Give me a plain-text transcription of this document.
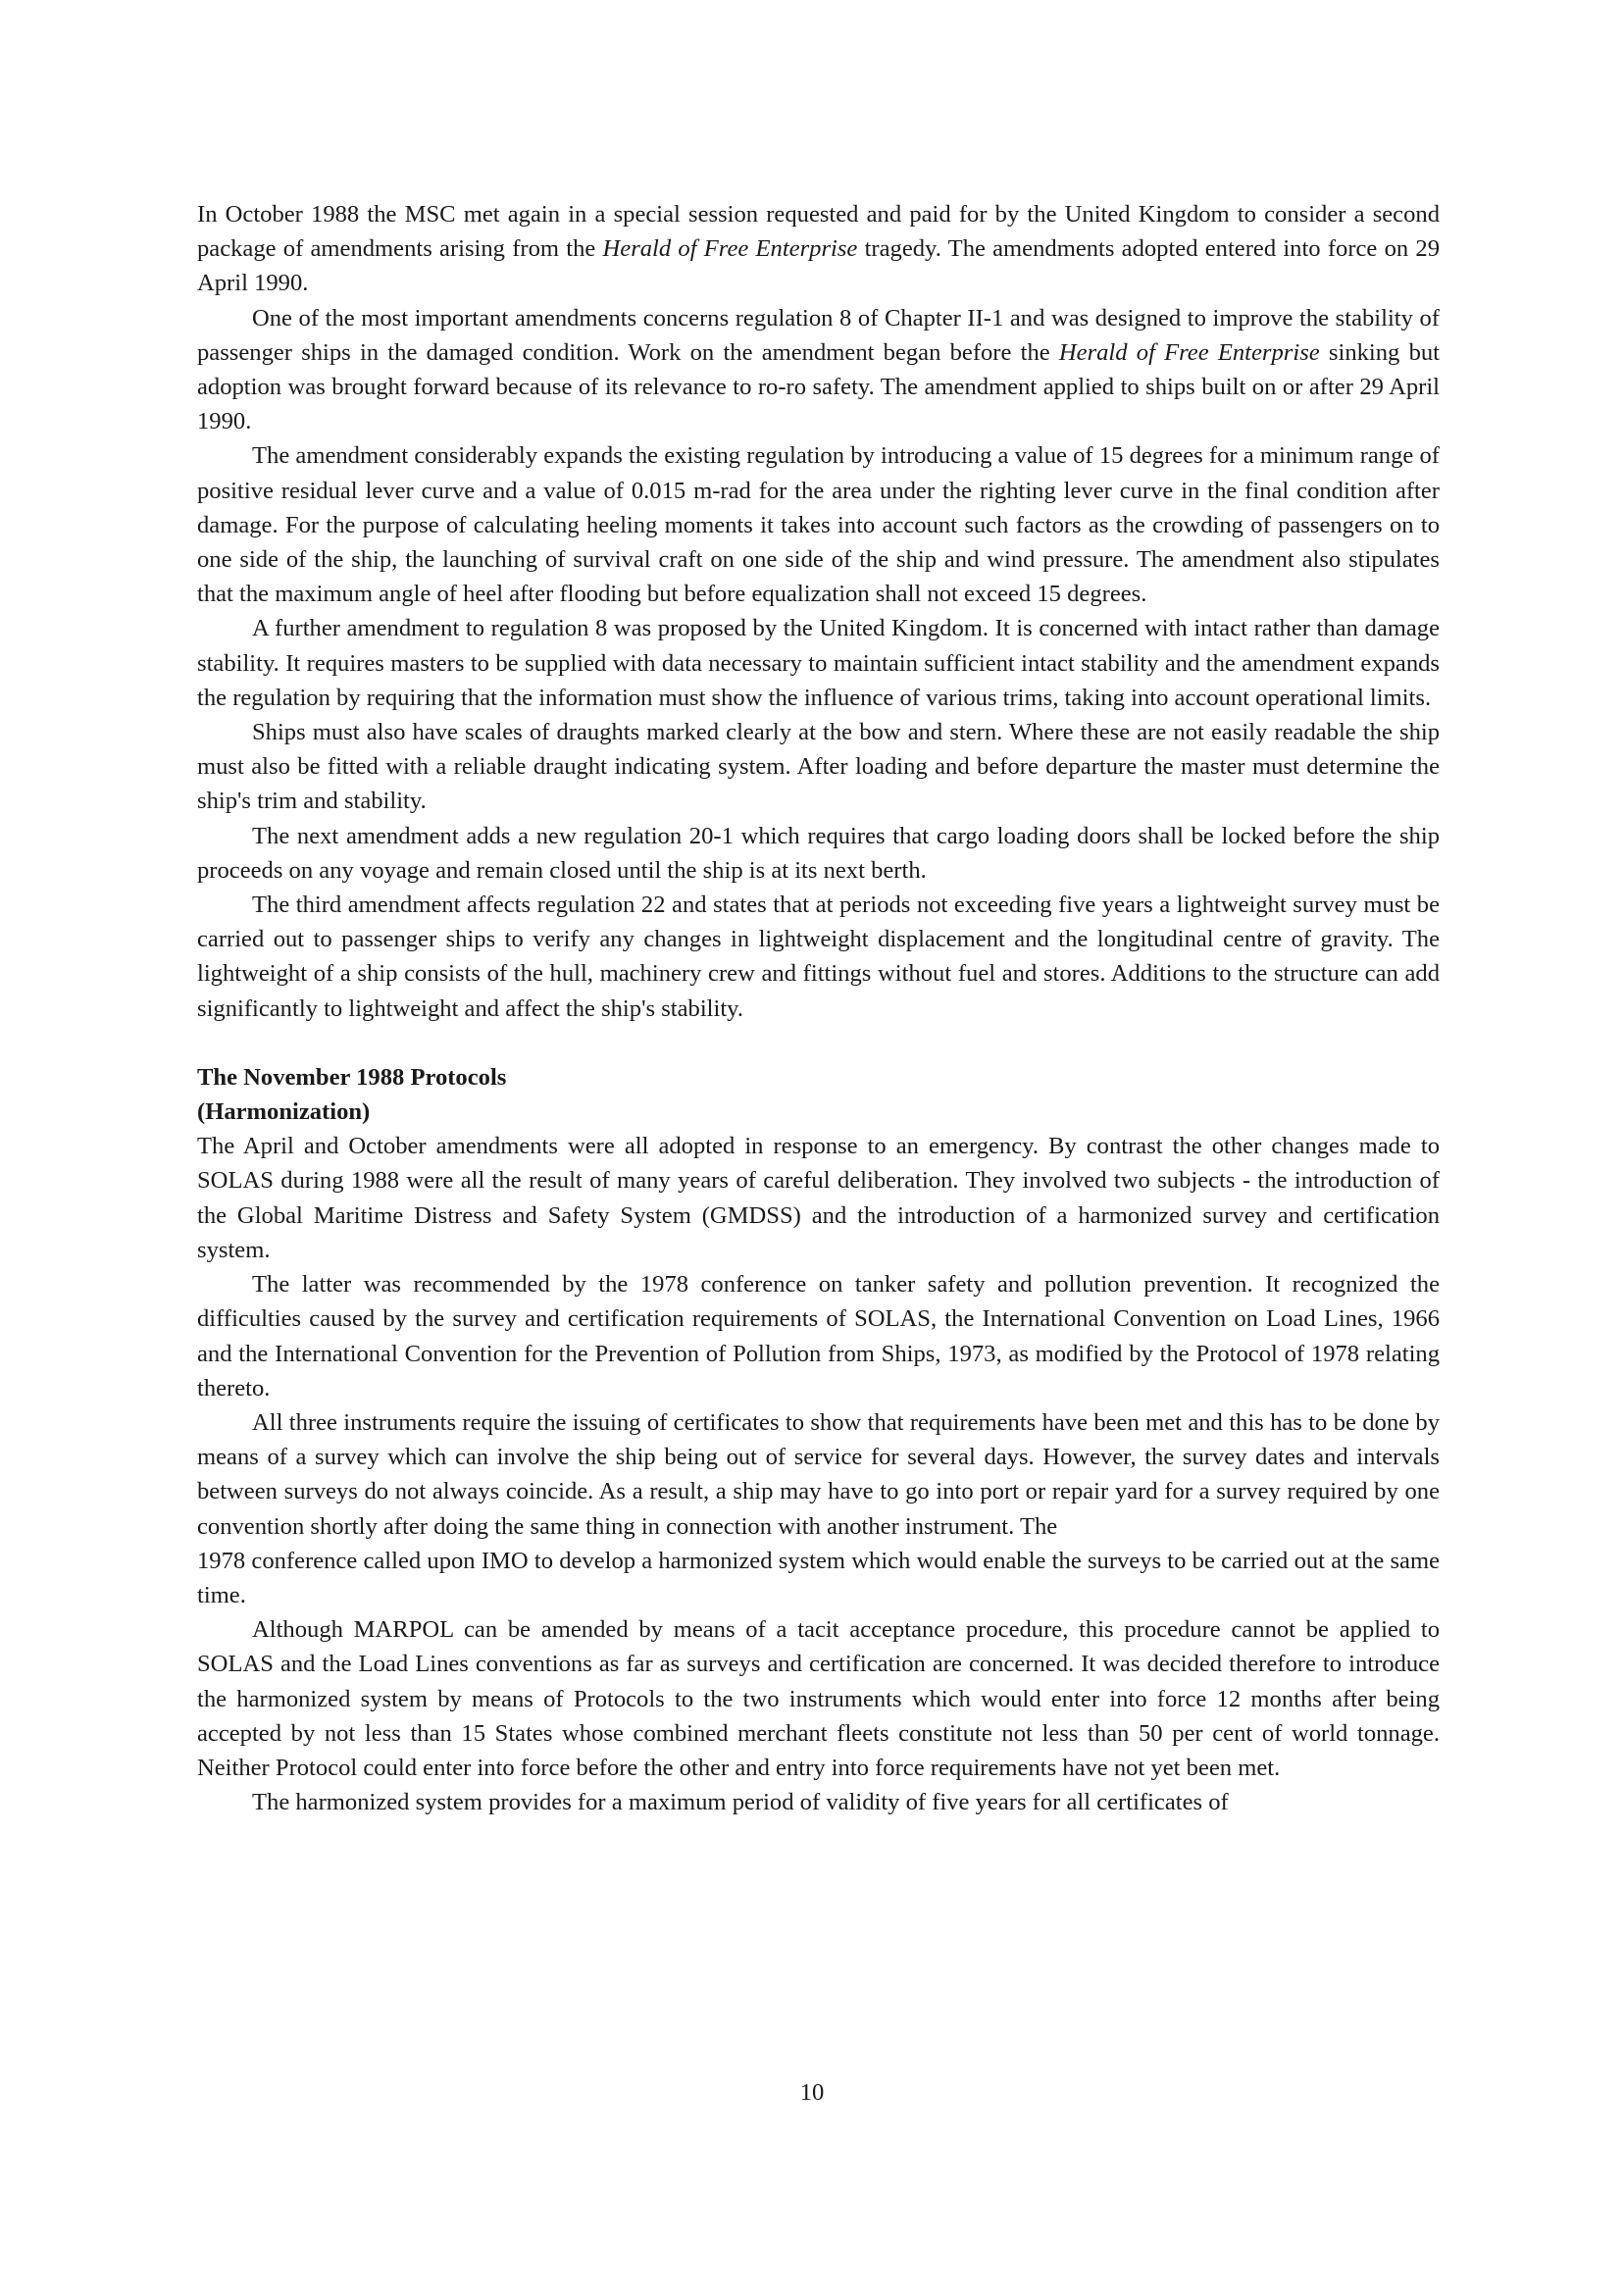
In October 1988 the MSC met again in a special session requested and paid for by the United Kingdom to consider a second package of amendments arising from the Herald of Free Enterprise tragedy. The amendments adopted entered into force on 29 April 1990.

One of the most important amendments concerns regulation 8 of Chapter II-1 and was designed to improve the stability of passenger ships in the damaged condition. Work on the amendment began before the Herald of Free Enterprise sinking but adoption was brought forward because of its relevance to ro-ro safety. The amendment applied to ships built on or after 29 April 1990.

The amendment considerably expands the existing regulation by introducing a value of 15 degrees for a minimum range of positive residual lever curve and a value of 0.015 m-rad for the area under the righting lever curve in the final condition after damage. For the purpose of calculating heeling moments it takes into account such factors as the crowding of passengers on to one side of the ship, the launching of survival craft on one side of the ship and wind pressure. The amendment also stipulates that the maximum angle of heel after flooding but before equalization shall not exceed 15 degrees.

A further amendment to regulation 8 was proposed by the United Kingdom. It is concerned with intact rather than damage stability. It requires masters to be supplied with data necessary to maintain sufficient intact stability and the amendment expands the regulation by requiring that the information must show the influence of various trims, taking into account operational limits.

Ships must also have scales of draughts marked clearly at the bow and stern. Where these are not easily readable the ship must also be fitted with a reliable draught indicating system. After loading and before departure the master must determine the ship's trim and stability.

The next amendment adds a new regulation 20-1 which requires that cargo loading doors shall be locked before the ship proceeds on any voyage and remain closed until the ship is at its next berth.

The third amendment affects regulation 22 and states that at periods not exceeding five years a lightweight survey must be carried out to passenger ships to verify any changes in lightweight displacement and the longitudinal centre of gravity. The lightweight of a ship consists of the hull, machinery crew and fittings without fuel and stores. Additions to the structure can add significantly to lightweight and affect the ship's stability.

The November 1988 Protocols

(Harmonization)

The April and October amendments were all adopted in response to an emergency. By contrast the other changes made to SOLAS during 1988 were all the result of many years of careful deliberation. They involved two subjects - the introduction of the Global Maritime Distress and Safety System (GMDSS) and the introduction of a harmonized survey and certification system.

The latter was recommended by the 1978 conference on tanker safety and pollution prevention. It recognized the difficulties caused by the survey and certification requirements of SOLAS, the International Convention on Load Lines, 1966 and the International Convention for the Prevention of Pollution from Ships, 1973, as modified by the Protocol of 1978 relating thereto.

All three instruments require the issuing of certificates to show that requirements have been met and this has to be done by means of a survey which can involve the ship being out of service for several days. However, the survey dates and intervals between surveys do not always coincide. As a result, a ship may have to go into port or repair yard for a survey required by one convention shortly after doing the same thing in connection with another instrument. The

1978 conference called upon IMO to develop a harmonized system which would enable the surveys to be carried out at the same time.

Although MARPOL can be amended by means of a tacit acceptance procedure, this procedure cannot be applied to SOLAS and the Load Lines conventions as far as surveys and certification are concerned. It was decided therefore to introduce the harmonized system by means of Protocols to the two instruments which would enter into force 12 months after being accepted by not less than 15 States whose combined merchant fleets constitute not less than 50 per cent of world tonnage. Neither Protocol could enter into force before the other and entry into force requirements have not yet been met.

The harmonized system provides for a maximum period of validity of five years for all certificates of

10
